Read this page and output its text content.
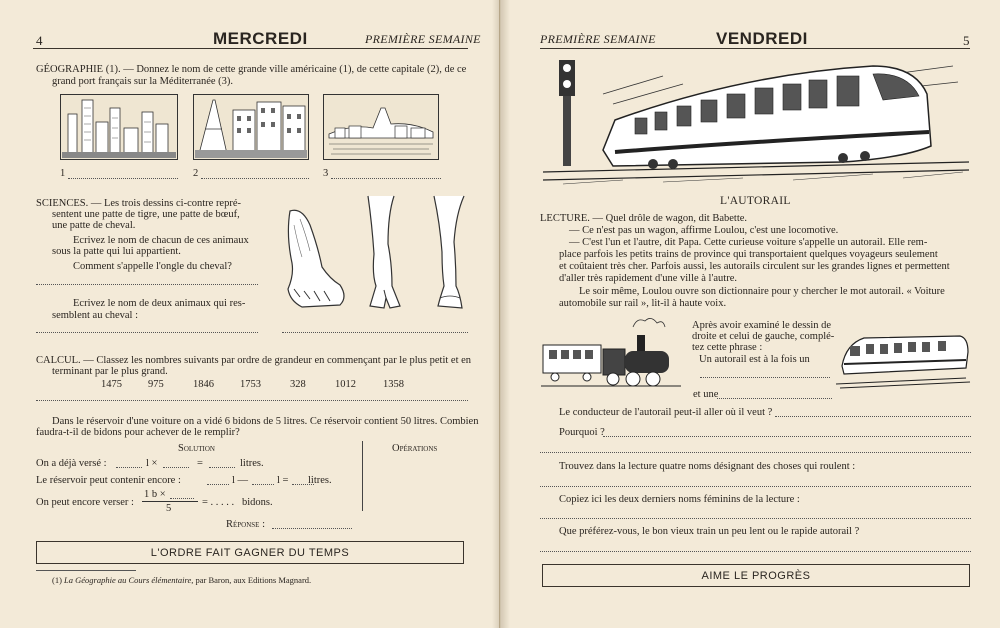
4	MERCREDI	PREMIÈRE SEMAINE
GÉOGRAPHIE (1). — Donnez le nom de cette grande ville américaine (1), de cette capitale (2), de ce
grand port français sur la Méditerranée (3).
1	2	3
SCIENCES. — Les trois dessins ci-contre repré-
sentent une patte de tigre, une patte de bœuf,
une patte de cheval.
Ecrivez le nom de chacun de ces animaux
sous la patte qui lui appartient.
Comment s'appelle l'ongle du cheval?
Ecrivez le nom de deux animaux qui res-
semblent au cheval :
CALCUL. — Classez les nombres suivants par ordre de grandeur en commençant par le plus petit et en
terminant par le plus grand.
1475 975	1846 1753	328	1012	1358
Dans le réservoir d'une voiture on a vidé 6 bidons de 5 litres. Ce réservoir contient 50 litres. Combien
faudra-t-il de bidons pour achever de le remplir?
Solution	Opérations
On a déjà versé :	l ×	=	litres.
Le réservoir peut contenir encore :	l —	l = litres.
On peut encore verser :
1 b ×
5
= . . . . . bidons.
Réponse :
L'ORDRE FAIT GAGNER DU TEMPS
(1) La Géographie au Cours élémentaire, par Baron, aux Editions Magnard.
PREMIÈRE SEMAINE	VENDREDI	5
L'AUTORAIL
LECTURE. — Quel drôle de wagon, dit Babette.
— Ce n'est pas un wagon, affirme Loulou, c'est une locomotive.
— C'est l'un et l'autre, dit Papa. Cette curieuse voiture s'appelle un autorail. Elle rem-
place parfois les petits trains de province qui transportaient quelques voyageurs seulement
et coûtaient très cher. Parfois aussi, les autorails circulent sur les grandes lignes et permettent
d'aller très rapidement d'une ville à l'autre.
Le soir même, Loulou ouvre son dictionnaire pour y chercher le mot autorail. « Voiture
automobile sur rail », lit-il à haute voix.
Après avoir examiné le dessin de
droite et celui de gauche, complé-
tez cette phrase :
Un autorail est à la fois un
et une
Le conducteur de l'autorail peut-il aller où il veut ?
Pourquoi ?
Trouvez dans la lecture quatre noms désignant des choses qui roulent :
Copiez ici les deux derniers noms féminins de la lecture :
Que préférez-vous, le bon vieux train un peu lent ou le rapide autorail ?
AIME LE PROGRÈS
